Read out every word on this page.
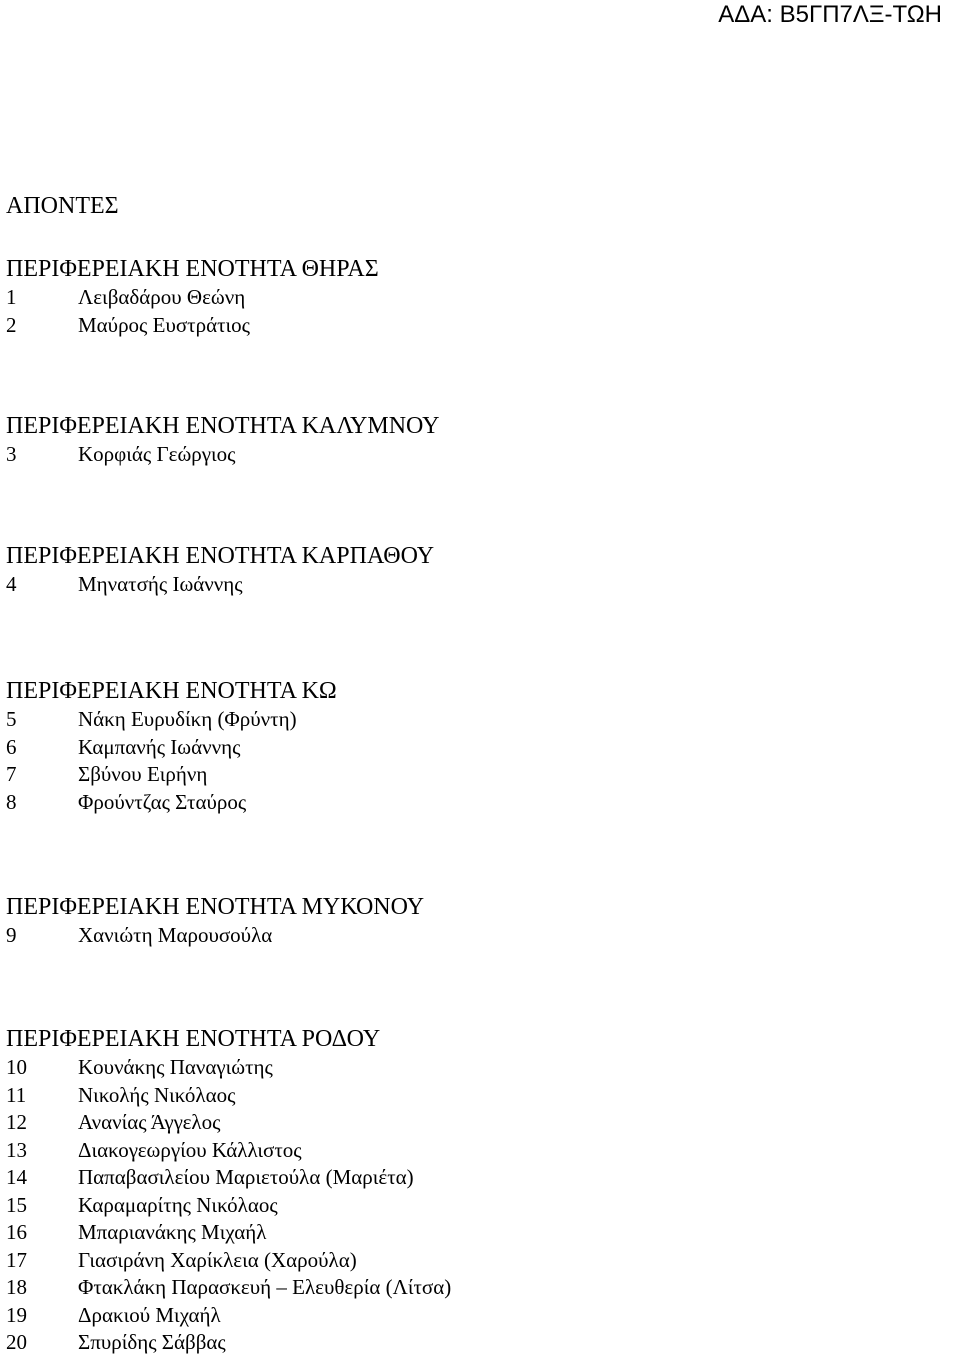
ΑΔΑ: Β5ΓΠ7ΛΞ-ΤΩΗ
ΑΠΟΝΤΕΣ
ΠΕΡΙΦΕΡΕΙΑΚΗ ΕΝΟΤΗΤΑ ΘΗΡΑΣ
1	Λειβαδάρου Θεώνη
2	Μαύρος Ευστράτιος
ΠΕΡΙΦΕΡΕΙΑΚΗ ΕΝΟΤΗΤΑ ΚΑΛΥΜΝΟΥ
3	Κορφιάς Γεώργιος
ΠΕΡΙΦΕΡΕΙΑΚΗ ΕΝΟΤΗΤΑ ΚΑΡΠΑΘΟΥ
4	Μηνατσής Ιωάννης
ΠΕΡΙΦΕΡΕΙΑΚΗ ΕΝΟΤΗΤΑ ΚΩ
5	Νάκη Ευρυδίκη (Φρύντη)
6	Καμπανής Ιωάννης
7	Σβύνου Ειρήνη
8	Φρούντζας Σταύρος
ΠΕΡΙΦΕΡΕΙΑΚΗ ΕΝΟΤΗΤΑ ΜΥΚΟΝΟΥ
9	Χανιώτη Μαρουσούλα
ΠΕΡΙΦΕΡΕΙΑΚΗ ΕΝΟΤΗΤΑ ΡΟΔΟΥ
10	Κουνάκης Παναγιώτης
11	Νικολής Νικόλαος
12	Ανανίας Άγγελος
13	Διακογεωργίου Κάλλιστος
14	Παπαβασιλείου Μαριετούλα (Μαριέτα)
15	Καραμαρίτης Νικόλαος
16	Μπαριανάκης Μιχαήλ
17	Γιασιράνη Χαρίκλεια (Χαρούλα)
18	Φτακλάκη Παρασκευή – Ελευθερία (Λίτσα)
19	Δρακιού Μιχαήλ
20	Σπυρίδης Σάββας
